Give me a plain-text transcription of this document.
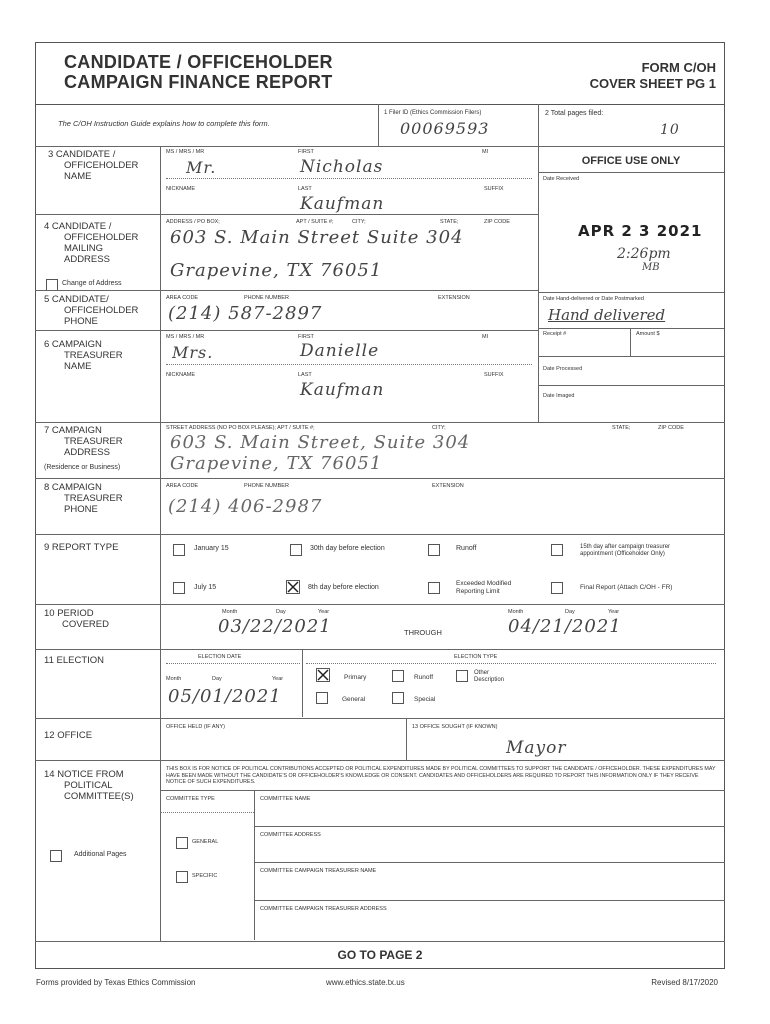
CANDIDATE / OFFICEHOLDER
CAMPAIGN FINANCE REPORT
FORM C/OH
COVER SHEET PG 1
The C/OH Instruction Guide explains how to complete this form.
1 Filer ID (Ethics Commission Filers)
00069593
2 Total pages filed:
10
OFFICE USE ONLY
Date Received
APR 2 3 2021
2:26pm
MB
Date Hand-delivered or Date Postmarked
Hand delivered
Receipt #	Amount $
Date Processed
Date Imaged
3 CANDIDATE /
OFFICEHOLDER
NAME
MS / MRS / MR
Mr.
FIRST
Nicholas
MI
NICKNAME	LAST
Kaufman
SUFFIX
4 CANDIDATE /
OFFICEHOLDER
MAILING
ADDRESS
Change of Address
ADDRESS / PO BOX;	APT / SUITE #;	CITY;	STATE;	ZIP CODE
603 S. Main Street Suite 304
Grapevine, TX 76051
5 CANDIDATE/
OFFICEHOLDER
PHONE
AREA CODE	PHONE NUMBER	EXTENSION
(214) 587-2897
6 CAMPAIGN
TREASURER
NAME
MS / MRS / MR
Mrs.
FIRST
Danielle
MI
NICKNAME	LAST
Kaufman
SUFFIX
7 CAMPAIGN
TREASURER
ADDRESS
(Residence or Business)
STREET ADDRESS (NO PO BOX PLEASE); APT / SUITE #;	CITY;	STATE;	ZIP CODE
603 S. Main Street, Suite 304
Grapevine, TX 76051
8 CAMPAIGN
TREASURER
PHONE
AREA CODE	PHONE NUMBER	EXTENSION
(214) 406-2987
9 REPORT TYPE	January 15	30th day before election	Runoff	15th day after campaign treasurer appointment (Officeholder Only)
July 15	8th day before election
Exceeded Modified Reporting Limit
Final Report (Attach C/OH - FR)
10 PERIOD
COVERED
Month	Day	Year
03/22/2021	THROUGH
Month	Day	Year
04/21/2021
11 ELECTION	ELECTION DATE
Month	Day	Year
05/01/2021
ELECTION TYPE
Primary	Runoff
Other Description
General	Special
12 OFFICE
OFFICE HELD (IF ANY)	13 OFFICE SOUGHT (IF KNOWN)
Mayor
14 NOTICE FROM
POLITICAL
COMMITTEE(S)
Additional Pages
THIS BOX IS FOR NOTICE OF POLITICAL CONTRIBUTIONS ACCEPTED OR POLITICAL EXPENDITURES MADE BY POLITICAL COMMITTEES TO SUPPORT THE CANDIDATE / OFFICEHOLDER. THESE EXPENDITURES MAY HAVE BEEN MADE WITHOUT THE CANDIDATE'S OR OFFICEHOLDER'S KNOWLEDGE OR CONSENT. CANDIDATES AND OFFICEHOLDERS ARE REQUIRED TO REPORT THIS INFORMATION ONLY IF THEY RECEIVE NOTICE OF SUCH EXPENDITURES.
COMMITTEE TYPE	COMMITTEE NAME
GENERAL
COMMITTEE ADDRESS
SPECIFIC
COMMITTEE CAMPAIGN TREASURER NAME
COMMITTEE CAMPAIGN TREASURER ADDRESS
GO TO PAGE 2
Forms provided by Texas Ethics Commission	www.ethics.state.tx.us	Revised 8/17/2020
